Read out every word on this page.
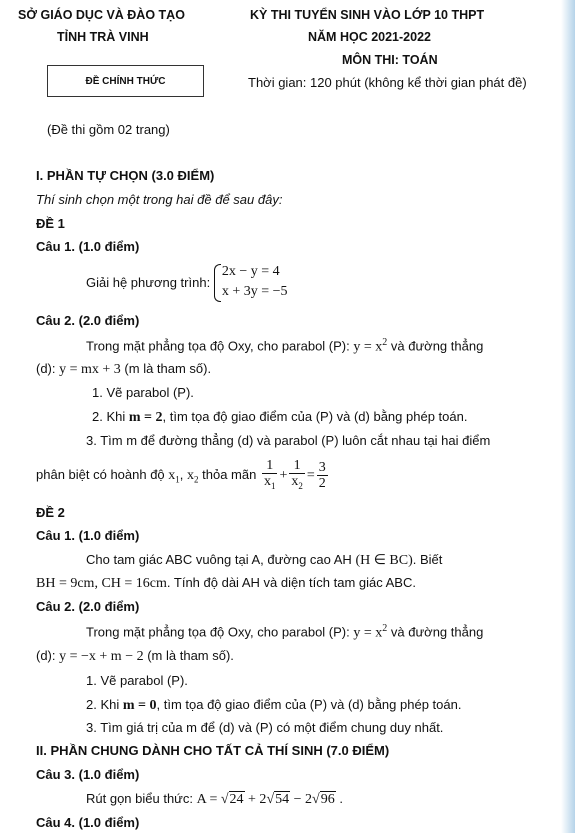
SỞ GIÁO DỤC VÀ ĐÀO TẠO
TỈNH TRÀ VINH
KỲ THI TUYỂN SINH VÀO LỚP 10 THPT
NĂM HỌC 2021-2022
MÔN THI: TOÁN
ĐỀ CHÍNH THỨC	Thời gian: 120 phút (không kể thời gian phát đề)
(Đề thi gồm 02 trang)
I. PHẦN TỰ CHỌN (3.0 ĐIỂM)
Thí sinh chọn một trong hai đề để sau đây:
ĐỀ 1
Câu 1. (1.0 điểm)
Giải hệ phương trình:
2x − y = 4
x + 3y = −5
Câu 2. (2.0 điểm)
Trong mặt phẳng tọa độ Oxy, cho parabol (P): $y = x^2$ và đường thẳng
(d): y = mx + 3 (m là tham số).
1. Vẽ parabol (P).
2. Khi m = 2, tìm tọa độ giao điểm của (P) và (d) bằng phép toán.
3. Tìm m để đường thẳng (d) và parabol (P) luôn cắt nhau tại hai điểm
phân biệt có hoành độ $x_1$, $x_2$ thỏa mãn $\frac{1}{x_1} + \frac{1}{x_2} = \frac{3}{2}$
ĐỀ 2
Câu 1. (1.0 điểm)
Cho tam giác ABC vuông tại A, đường cao AH (H ∈ BC). Biết
BH = 9cm, CH = 16cm. Tính độ dài AH và diện tích tam giác ABC.
Câu 2. (2.0 điểm)
Trong mặt phẳng tọa độ Oxy, cho parabol (P): $y = x^2$ và đường thẳng
(d): y = −x + m − 2 (m là tham số).
1. Vẽ parabol (P).
2. Khi m = 0, tìm tọa độ giao điểm của (P) và (d) bằng phép toán.
3. Tìm giá trị của m để (d) và (P) có một điểm chung duy nhất.
II. PHẦN CHUNG DÀNH CHO TẤT CẢ THÍ SINH (7.0 ĐIỂM)
Câu 3. (1.0 điểm)
Rút gọn biểu thức: A = √24 + 2√54 − 2√96 .
Câu 4. (1.0 điểm)
